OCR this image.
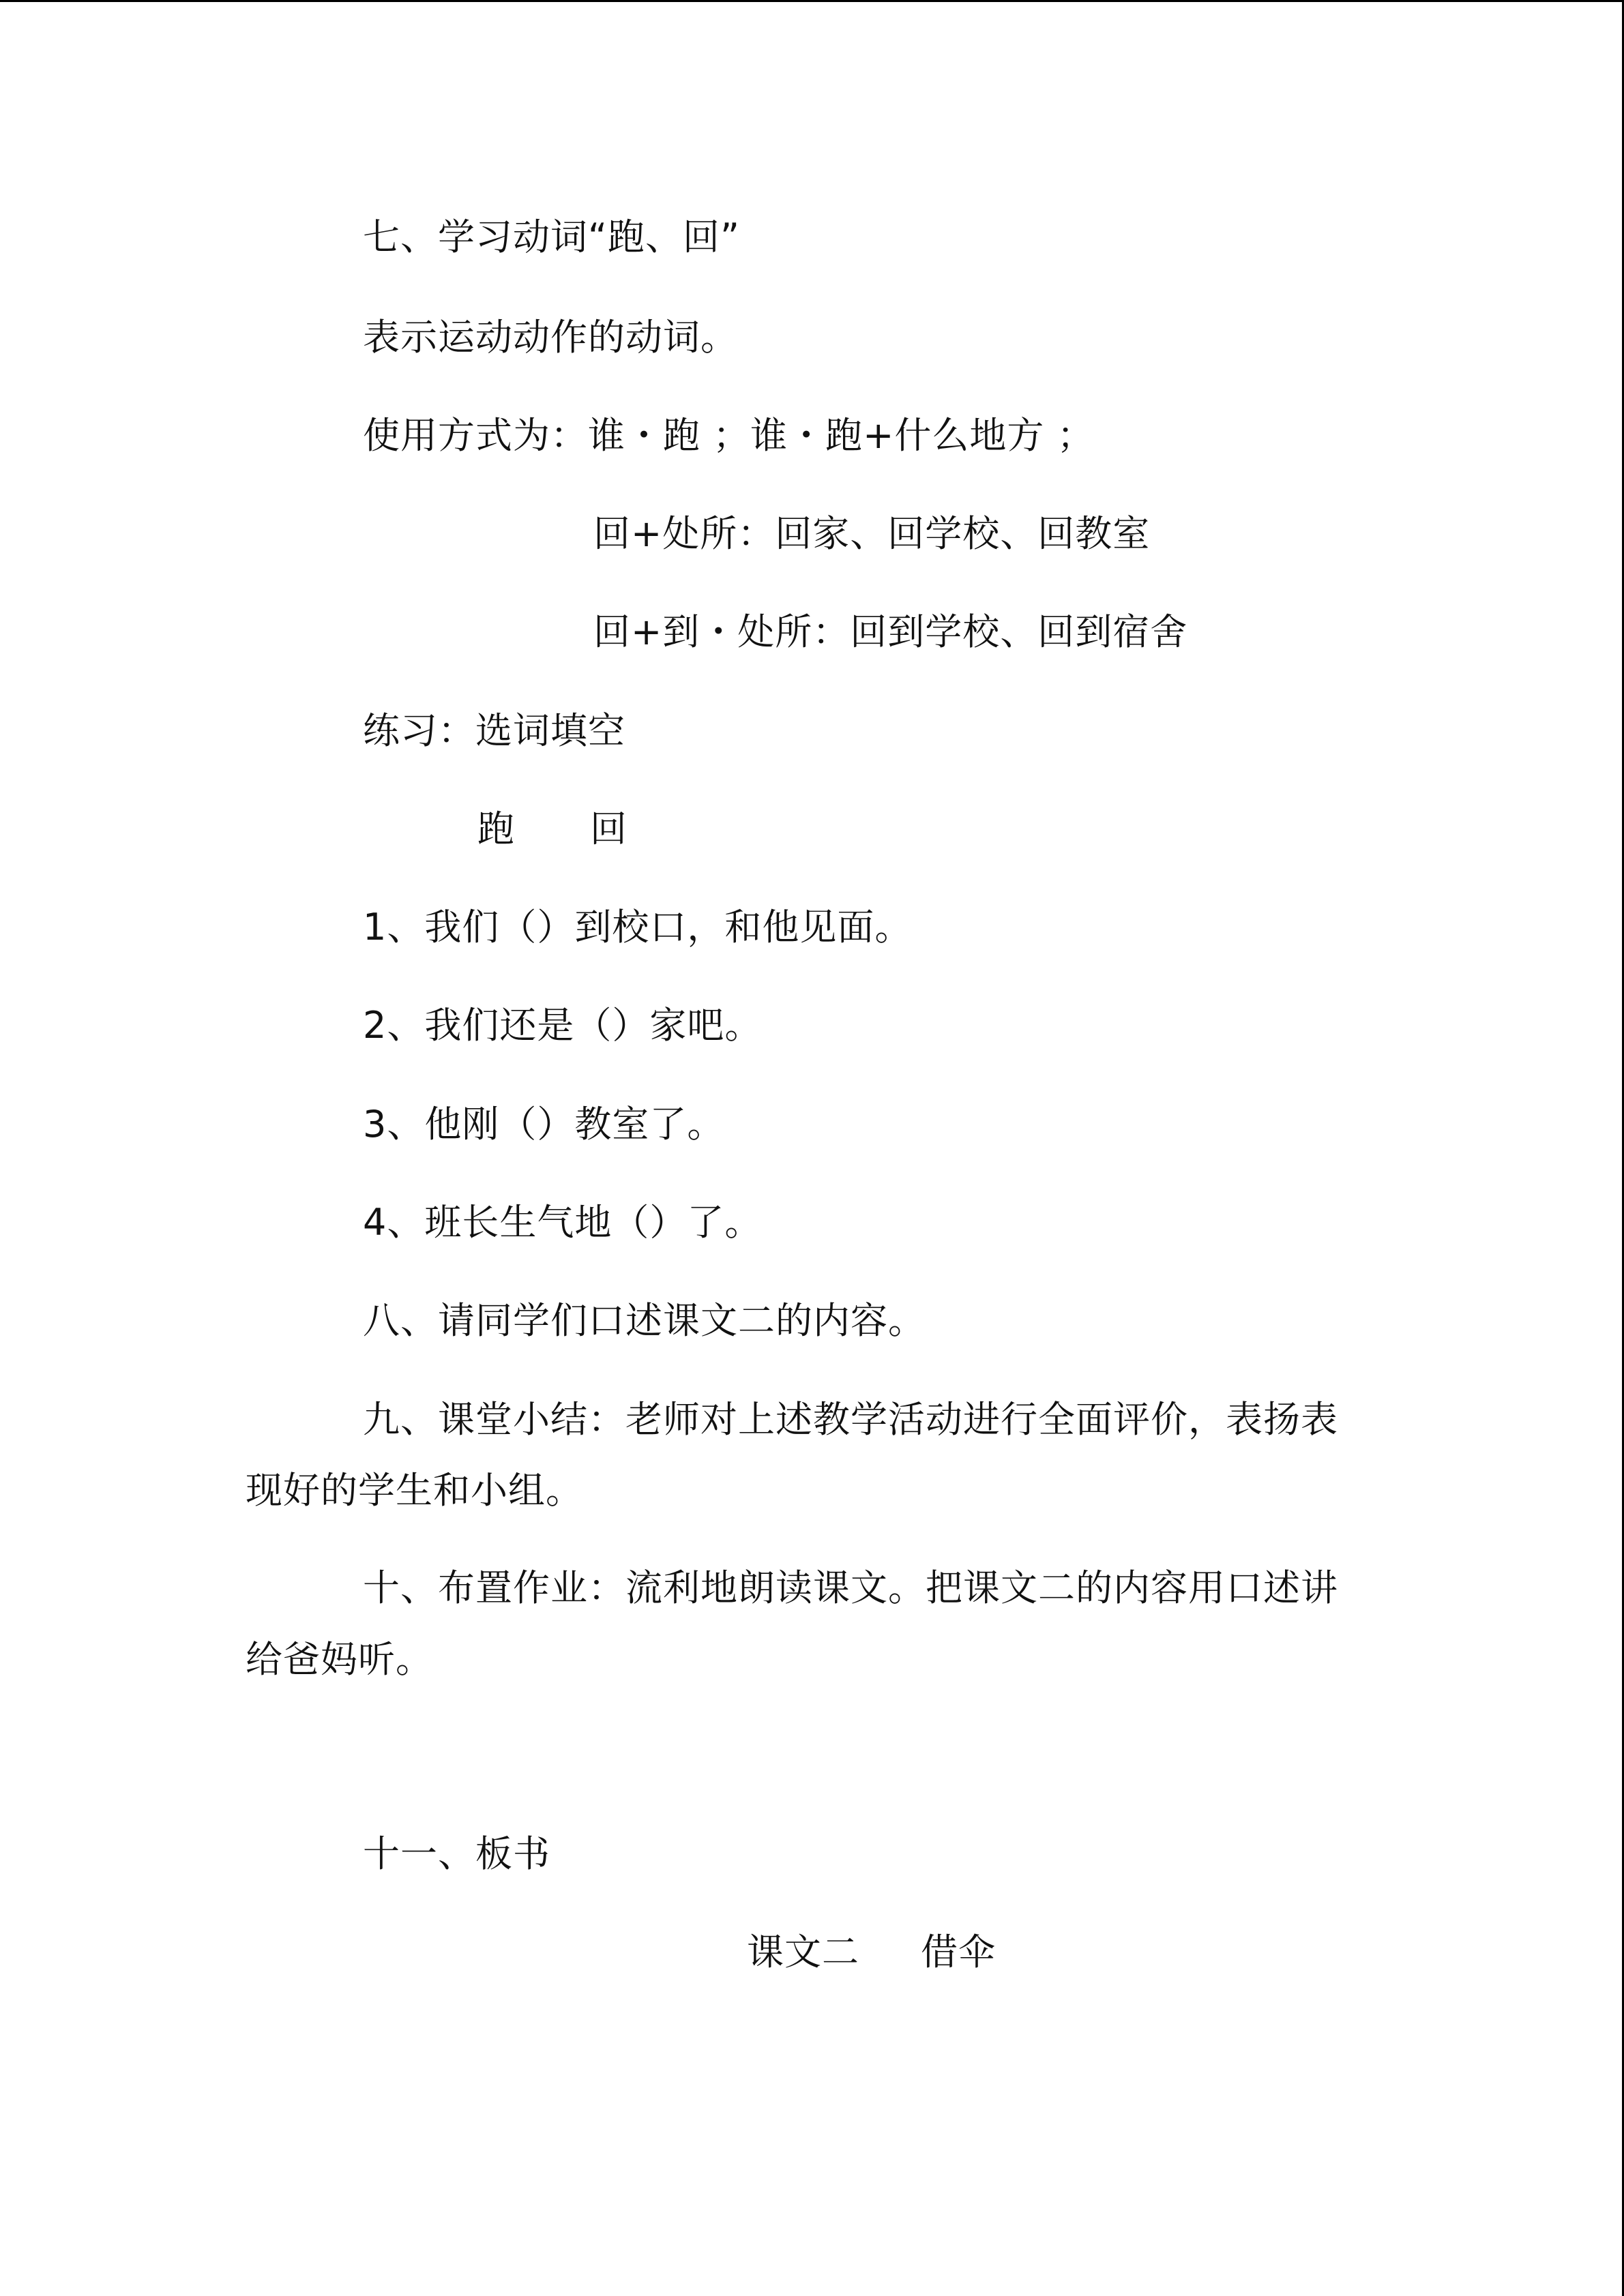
七、学习动词“跑、回”
表示运动动作的动词。
使用方式为：谁・跑 ；谁・跑+什么地方 ；
回+处所：回家、回学校、回教室
回+到・处所：回到学校、回到宿舍
练习：选词填空
跑 回
1、我们（）到校口，和他见面。
2、我们还是（）家吧。
3、他刚（）教室了。
4、班长生气地（）了。
八、请同学们口述课文二的内容。
九、课堂小结：老师对上述教学活动进行全面评价，表扬表
现好的学生和小组。
十、布置作业：流利地朗读课文。把课文二的内容用口述讲
给爸妈听。
十一、板书
课文二 借伞
